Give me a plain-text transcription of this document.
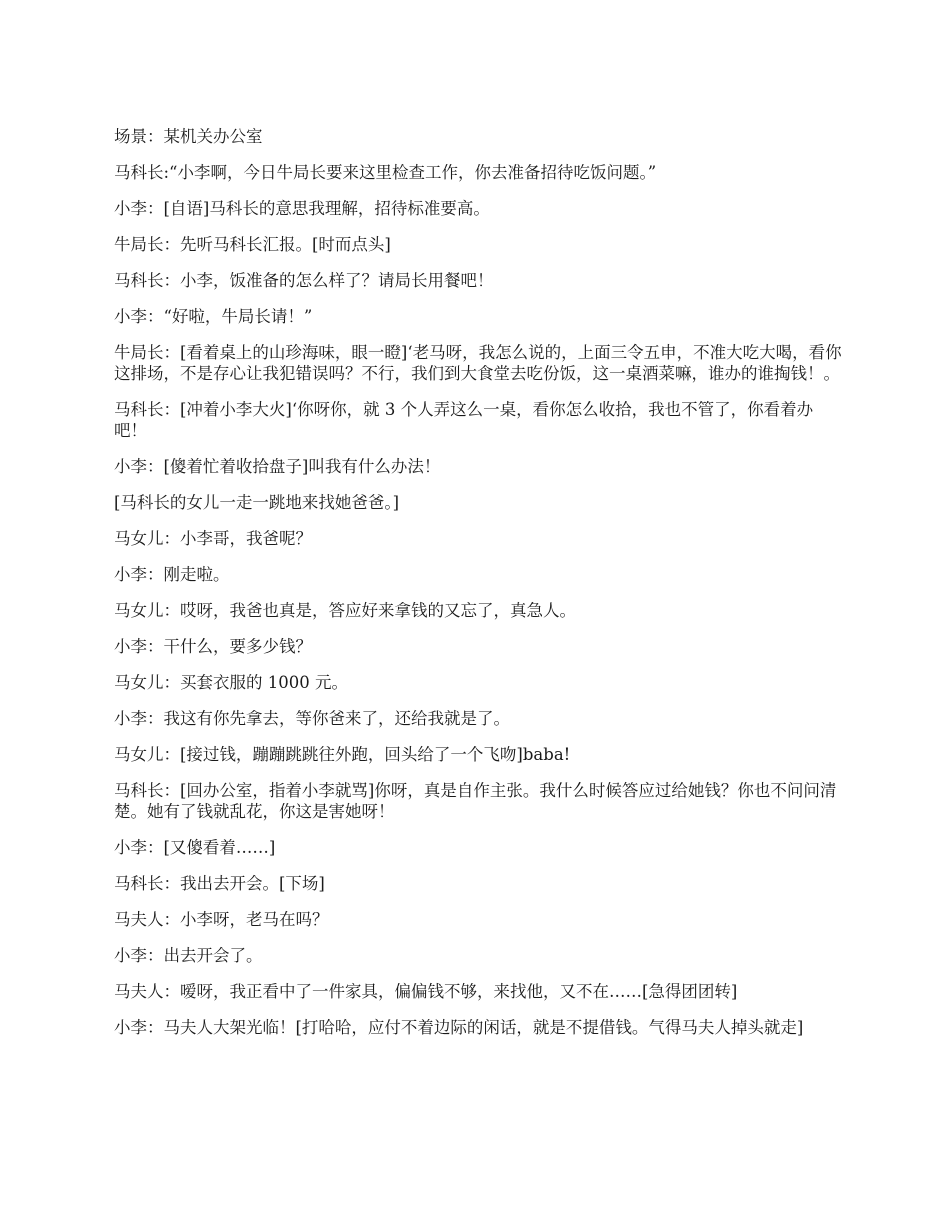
场景：某机关办公室

马科长:“小李啊，今日牛局长要来这里检查工作，你去准备招待吃饭问题。”

小李：[自语]马科长的意思我理解，招待标准要高。

牛局长：先听马科长汇报。[时而点头]

马科长：小李，饭准备的怎么样了？请局长用餐吧！

小李：“好啦，牛局长请！”

牛局长：[看着桌上的山珍海味，眼一瞪]‘老马呀，我怎么说的，上面三令五申，不准大吃大喝，看你这排场，不是存心让我犯错误吗？不行，我们到大食堂去吃份饭，这一桌酒菜嘛，谁办的谁掏钱！。

马科长：[冲着小李大火]‘你呀你，就 3 个人弄这么一桌，看你怎么收拾，我也不管了，你看着办吧！

小李：[傻着忙着收拾盘子]叫我有什么办法！

[马科长的女儿一走一跳地来找她爸爸。]

马女儿：小李哥，我爸呢？

小李：刚走啦。

马女儿：哎呀，我爸也真是，答应好来拿钱的又忘了，真急人。

小李：干什么，要多少钱？

马女儿：买套衣服的 1000 元。

小李：我这有你先拿去，等你爸来了，还给我就是了。

马女儿：[接过钱，蹦蹦跳跳往外跑，回头给了一个飞吻]baba!

马科长：[回办公室，指着小李就骂]你呀，真是自作主张。我什么时候答应过给她钱？你也不问问清楚。她有了钱就乱花，你这是害她呀！

小李：[又傻看着……]

马科长：我出去开会。[下场]

马夫人：小李呀，老马在吗？

小李：出去开会了。

马夫人：嗳呀，我正看中了一件家具，偏偏钱不够，来找他，又不在……[急得团团转]

小李：马夫人大架光临！[打哈哈，应付不着边际的闲话，就是不提借钱。气得马夫人掉头就走]
